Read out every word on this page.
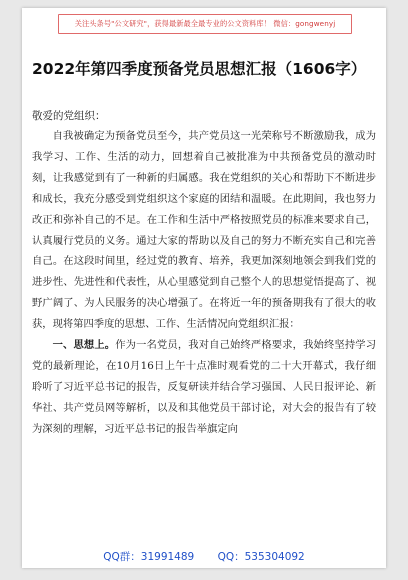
关注头条号"公文研究"，获得最新最全最专业的公文资料库！ 微信：gongwenyj
2022年第四季度预备党员思想汇报（1606字）
敬爱的党组织：

自我被确定为预备党员至今，共产党员这一光荣称号不断激励我，成为我学习、工作、生活的动力，回想着自己被批准为中共预备党员的激动时刻，让我感觉到有了一种新的归属感。我在党组织的关心和帮助下不断进步和成长，我充分感受到党组织这个家庭的团结和温暖。在此期间，我也努力改正和弥补自己的不足。在工作和生活中严格按照党员的标准来要求自己，认真履行党员的义务。通过大家的帮助以及自己的努力不断充实自己和完善自己。在这段时间里，经过党的教育、培养，我更加深刻地领会到我们党的进步性、先进性和代表性，从心里感觉到自己整个人的思想觉悟提高了、视野广阔了、为人民服务的决心增强了。在将近一年的预备期我有了很大的收获，现将第四季度的思想、工作、生活情况向党组织汇报：

一、思想上。作为一名党员，我对自己始终严格要求，我始终坚持学习党的最新理论，在10月16日上午十点准时观看党的二十大开幕式，我仔细聆听了习近平总书记的报告，反复研读并结合学习强国、人民日报评论、新华社、共产党员网等解析，以及和其他党员干部讨论，对大会的报告有了较为深刻的理解，习近平总书记的报告举旗定向

QQ群：31991489 QQ：535304092
